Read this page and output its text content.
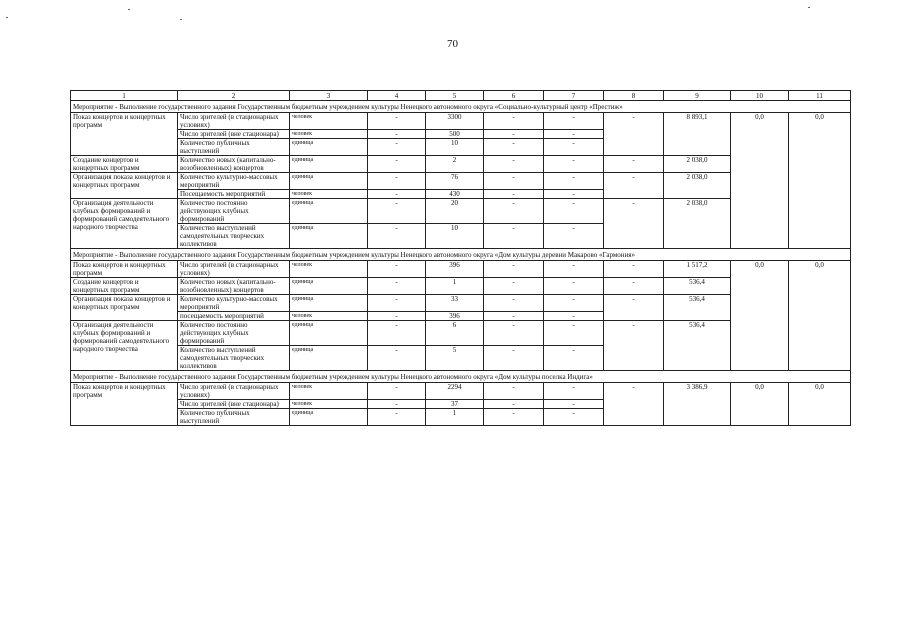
70
1	2	3	4	5	6	7	8	9	10	11
Мероприятие - Выполнение государственного задания Государственным бюджетным учреждением культуры Ненецкого автономного округа «Социально-культурный центр «Престиж»										
Показ концертов и концертных программ	Число зрителей (в стационарных условиях)	человек	-	3300	-	-	-	8 893,1	0,0	0,0
	Число зрителей (вне стационара)	человек	-	500	-	-				
	Количество публичных выступлений	единица	-	10	-	-				
Создание концертов и концертных программ	Количество новых (капитально-возобновленных) концертов	единица	-	2	-	-	-	2 038,0		
Организация показа концертов и концертных программ	Количество культурно-массовых мероприятий	единица	-	76	-	-	-	2 038,0		
	Посещаемость мероприятий	человек	-	430	-	-				
Организация деятельности клубных формирований и формирований самодеятельного народного творчества	Количество постоянно действующих клубных формирований	единица	-	20	-	-	-	2 038,0		
	Количество выступлений самодеятельных творческих коллективов	единица	-	10	-	-				
Мероприятие - Выполнение государственного задания Государственным бюджетным учреждением культуры Ненецкого автономного округа «Дом культуры деревни Макарово «Гармония»										
Показ концертов и концертных программ	Число зрителей (в стационарных условиях)	человек	-	396	-	-	-	1 517,2	0,0	0,0
Создание концертов и концертных программ	Количество новых (капитально-возобновленных) концертов	единица	-	1	-	-	-	536,4		
Организация показа концертов и концертных программ	Количество культурно-массовых мероприятий	единица	-	33	-	-	-	536,4		
	посещаемость мероприятий	человек	-	396	-	-				
Организация деятельности клубных формирований и формирований самодеятельного народного творчества	Количество постоянно действующих клубных формирований	единица	-	6	-	-	-	536,4		
	Количество выступлений самодеятельных творческих коллективов	единица	-	5	-	-				
Мероприятие - Выполнение государственного задания Государственным бюджетным учреждением культуры Ненецкого автономного округа «Дом культуры поселка Индига»										
Показ концертов и концертных программ	Число зрителей (в стационарных условиях)	человек	-	2294	-	-	-	3 386,9	0,0	0,0
	Число зрителей (вне стационара)	человек	-	37	-	-				
	Количество публичных выступлений	единица	-	1	-	-				
